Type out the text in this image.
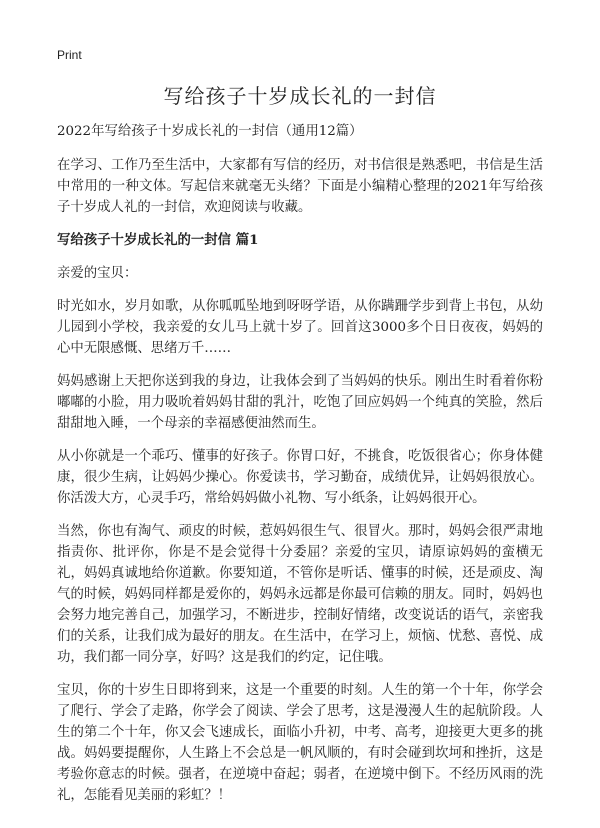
Print
写给孩子十岁成长礼的一封信

2022年写给孩子十岁成长礼的一封信（通用12篇）

在学习、工作乃至生活中，大家都有写信的经历，对书信很是熟悉吧，书信是生活中常用的一种文体。写起信来就毫无头绪？下面是小编精心整理的2021年写给孩子十岁成人礼的一封信，欢迎阅读与收藏。

写给孩子十岁成长礼的一封信 篇1

亲爱的宝贝：

时光如水，岁月如歌，从你呱呱坠地到呀呀学语，从你蹒跚学步到背上书包，从幼儿园到小学校，我亲爱的女儿马上就十岁了。回首这3000多个日日夜夜，妈妈的心中无限感慨、思绪万千……

妈妈感谢上天把你送到我的身边，让我体会到了当妈妈的快乐。刚出生时看着你粉嘟嘟的小脸，用力吸吮着妈妈甘甜的乳汁，吃饱了回应妈妈一个纯真的笑脸，然后甜甜地入睡，一个母亲的幸福感便油然而生。

从小你就是一个乖巧、懂事的好孩子。你胃口好，不挑食，吃饭很省心；你身体健康，很少生病，让妈妈少操心。你爱读书，学习勤奋，成绩优异，让妈妈很放心。你活泼大方，心灵手巧，常给妈妈做小礼物、写小纸条，让妈妈很开心。

当然，你也有淘气、顽皮的时候，惹妈妈很生气、很冒火。那时，妈妈会很严肃地指责你、批评你，你是不是会觉得十分委屈？亲爱的宝贝，请原谅妈妈的蛮横无礼，妈妈真诚地给你道歉。你要知道，不管你是听话、懂事的时候，还是顽皮、淘气的时候，妈妈同样都是爱你的，妈妈永远都是你最可信赖的朋友。同时，妈妈也会努力地完善自己，加强学习，不断进步，控制好情绪，改变说话的语气，亲密我们的关系，让我们成为最好的朋友。在生活中，在学习上，烦恼、忧愁、喜悦、成功，我们都一同分享，好吗？这是我们的约定，记住哦。

宝贝，你的十岁生日即将到来，这是一个重要的时刻。人生的第一个十年，你学会了爬行、学会了走路，你学会了阅读、学会了思考，这是漫漫人生的起航阶段。人生的第二个十年，你又会飞速成长，面临小升初，中考、高考，迎接更大更多的挑战。妈妈要提醒你，人生路上不会总是一帆风顺的，有时会碰到坎坷和挫折，这是考验你意志的时候。强者，在逆境中奋起；弱者，在逆境中倒下。不经历风雨的洗礼，怎能看见美丽的彩虹？！
